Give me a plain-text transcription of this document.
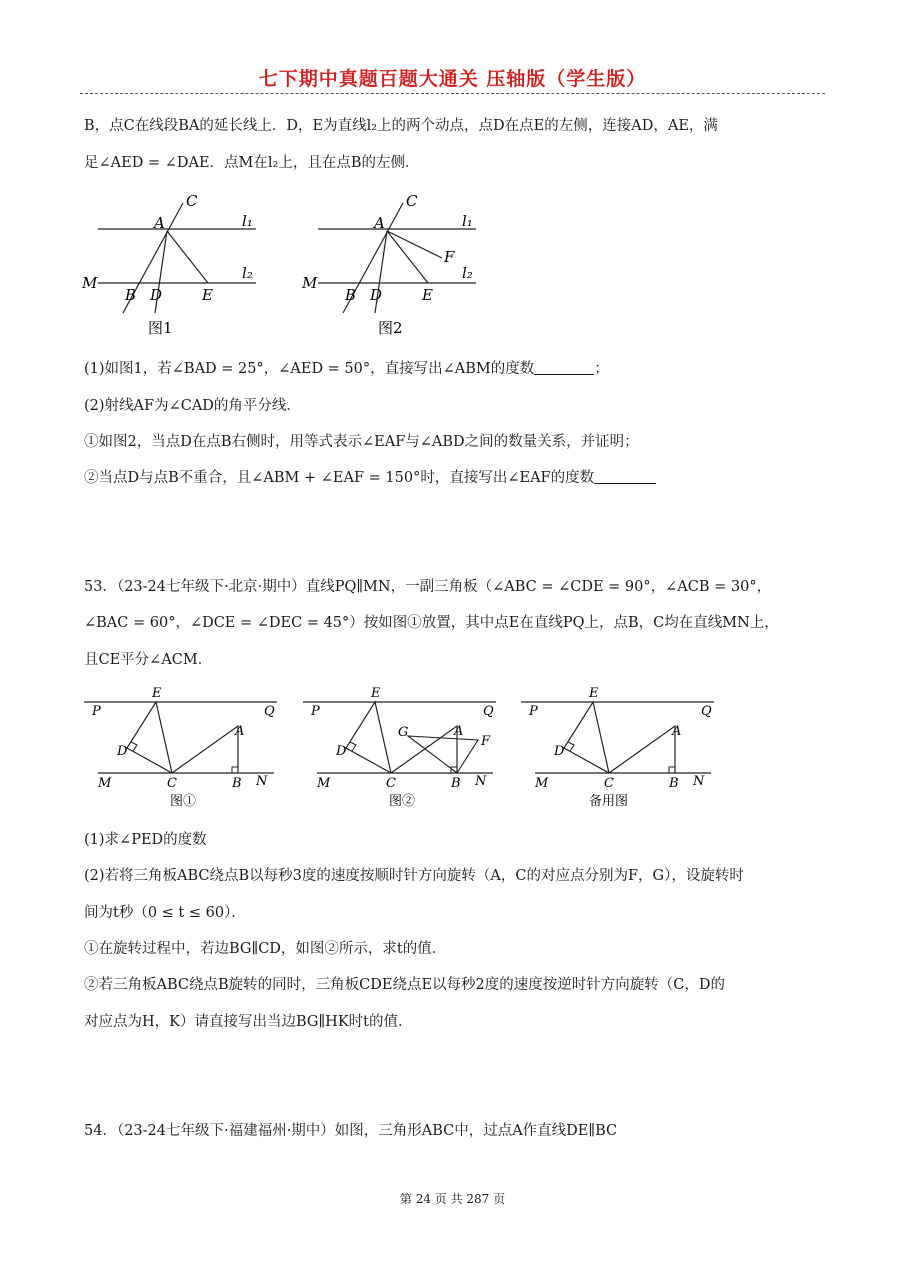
七下期中真题百题大通关 压轴版（学生版）
B，点C在线段BA的延长线上．D，E为直线l₂上的两个动点，点D在点E的左侧，连接AD，AE，满
足∠AED = ∠DAE．点M在l₂上，且在点B的左侧．
C
A	l₁
M
B D	E
l₂
图1
C
A	l₁
F
M
B D	E
l₂
图2
(1)如图1，若∠BAD = 25°，∠AED = 50°，直接写出∠ABM的度数	；
(2)射线AF为∠CAD的角平分线．
①如图2，当点D在点B右侧时，用等式表示∠EAF与∠ABD之间的数量关系，并证明；
②当点D与点B不重合，且∠ABM + ∠EAF = 150°时，直接写出∠EAF的度数
53．（23-24七年级下·北京·期中）直线PQ∥MN，一副三角板（∠ABC = ∠CDE = 90°，∠ACB = 30°，
∠BAC = 60°，∠DCE = ∠DEC = 45°）按如图①放置，其中点E在直线PQ上，点B，C均在直线MN上，
且CE平分∠ACM．
E
P	Q
A
D
M	C	B N
图①
E
P	Q
G	A
F
D
M	C	B N
图②
E
P	Q
A
D
M	C	B N
备用图
(1)求∠PED的度数
(2)若将三角板ABC绕点B以每秒3度的速度按顺时针方向旋转（A，C的对应点分别为F，G），设旋转时
间为t秒（0 ≤ t ≤ 60）．
①在旋转过程中，若边BG∥CD，如图②所示，求t的值．
②若三角板ABC绕点B旋转的同时，三角板CDE绕点E以每秒2度的速度按逆时针方向旋转（C，D的
对应点为H，K）请直接写出当边BG∥HK时t的值．
54．（23-24七年级下·福建福州·期中）如图，三角形ABC中，过点A作直线DE∥BC
第 24 页 共 287 页
